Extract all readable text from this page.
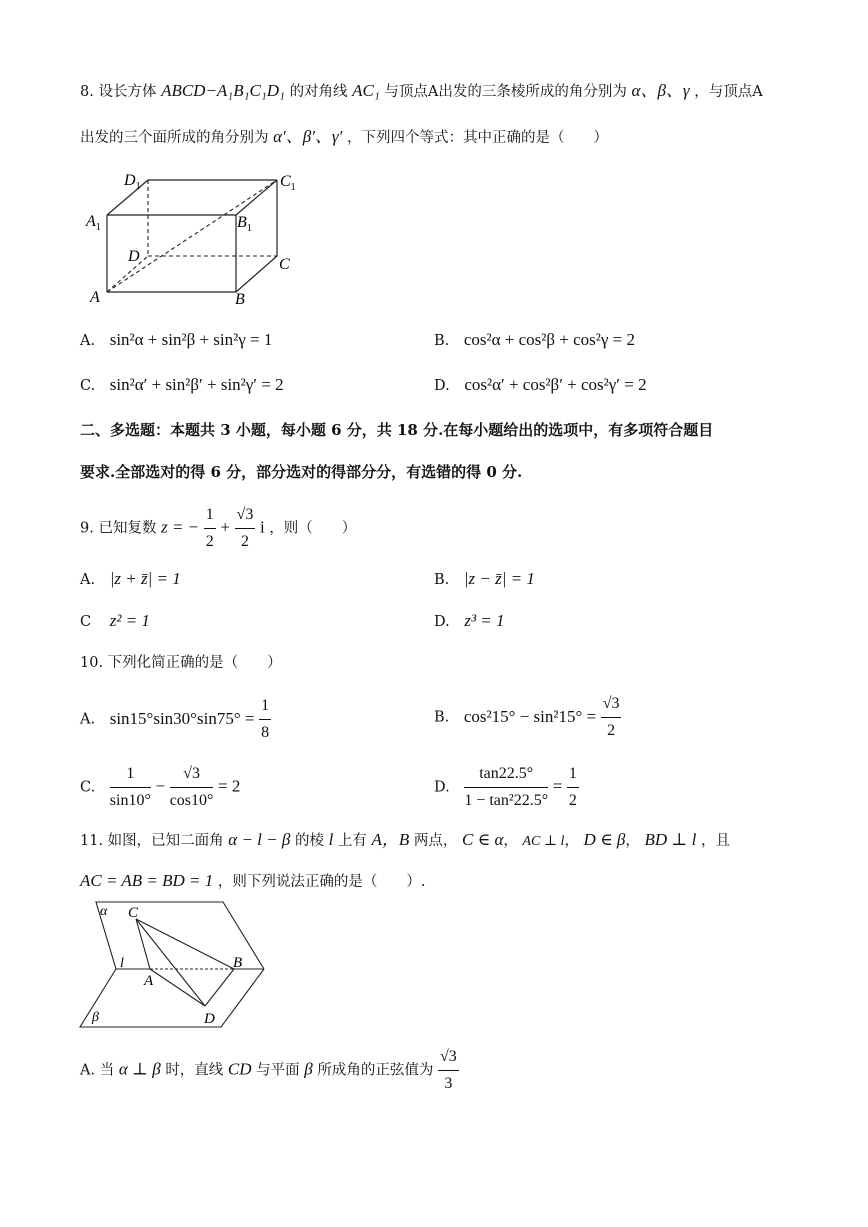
8. 设长方体 ABCD−A₁B₁C₁D₁ 的对角线 AC₁ 与顶点A出发的三条棱所成的角分别为 α、β、γ ，与顶点A
出发的三个面所成的角分别为 α′、β′、γ′ ，下列四个等式：其中正确的是（　　）
$D_1$	$C_1$
$A_1$	$B_1$
D	C
A	B
A. sin²α + sin²β + sin²γ = 1	B. cos²α + cos²β + cos²γ = 2
C. sin²α′ + sin²β′ + sin²γ′ = 2	D. cos²α′ + cos²β′ + cos²γ′ = 2
二、多选题：本题共 3 小题，每小题 6 分，共 18 分.在每小题给出的选项中，有多项符合题目
要求.全部选对的得 6 分，部分选对的得部分分，有选错的得 0 分.
9. 已知复数 z = − $\frac{1}{2} + \frac{√3}{2}$ i ，则（　　）
A. |z + z̄| = 1	B. |z − z̄| = 1
C z² = 1	D. z³ = 1
10. 下列化简正确的是（　　）
A. $\sin 15^\circ\sin 30^\circ\sin 75^\circ = \frac{1}{8}$	B. $\cos^215^\circ - \sin^215^\circ = \frac{√3}{2}$
C. $\frac{1}{\sin 10^\circ} - \frac{√3}{\cos 10^\circ} = 2$	D. $\frac{\tan 22.5^\circ}{\text{1 − tan²22.5°}} = \frac{1}{2}$
11. 如图，已知二面角 α − l − β 的棱 l 上有 A，B 两点， C ∈ α， AC ⊥ l， D ∈ β， BD ⊥ l ，且
AC = AB = BD = 1 ，则下列说法正确的是（　　）.
α C
l
A
B
β	D
A. 当 α ⊥ β 时，直线 CD 与平面 β 所成角的正弦值为 $\frac{√3}{3}$
